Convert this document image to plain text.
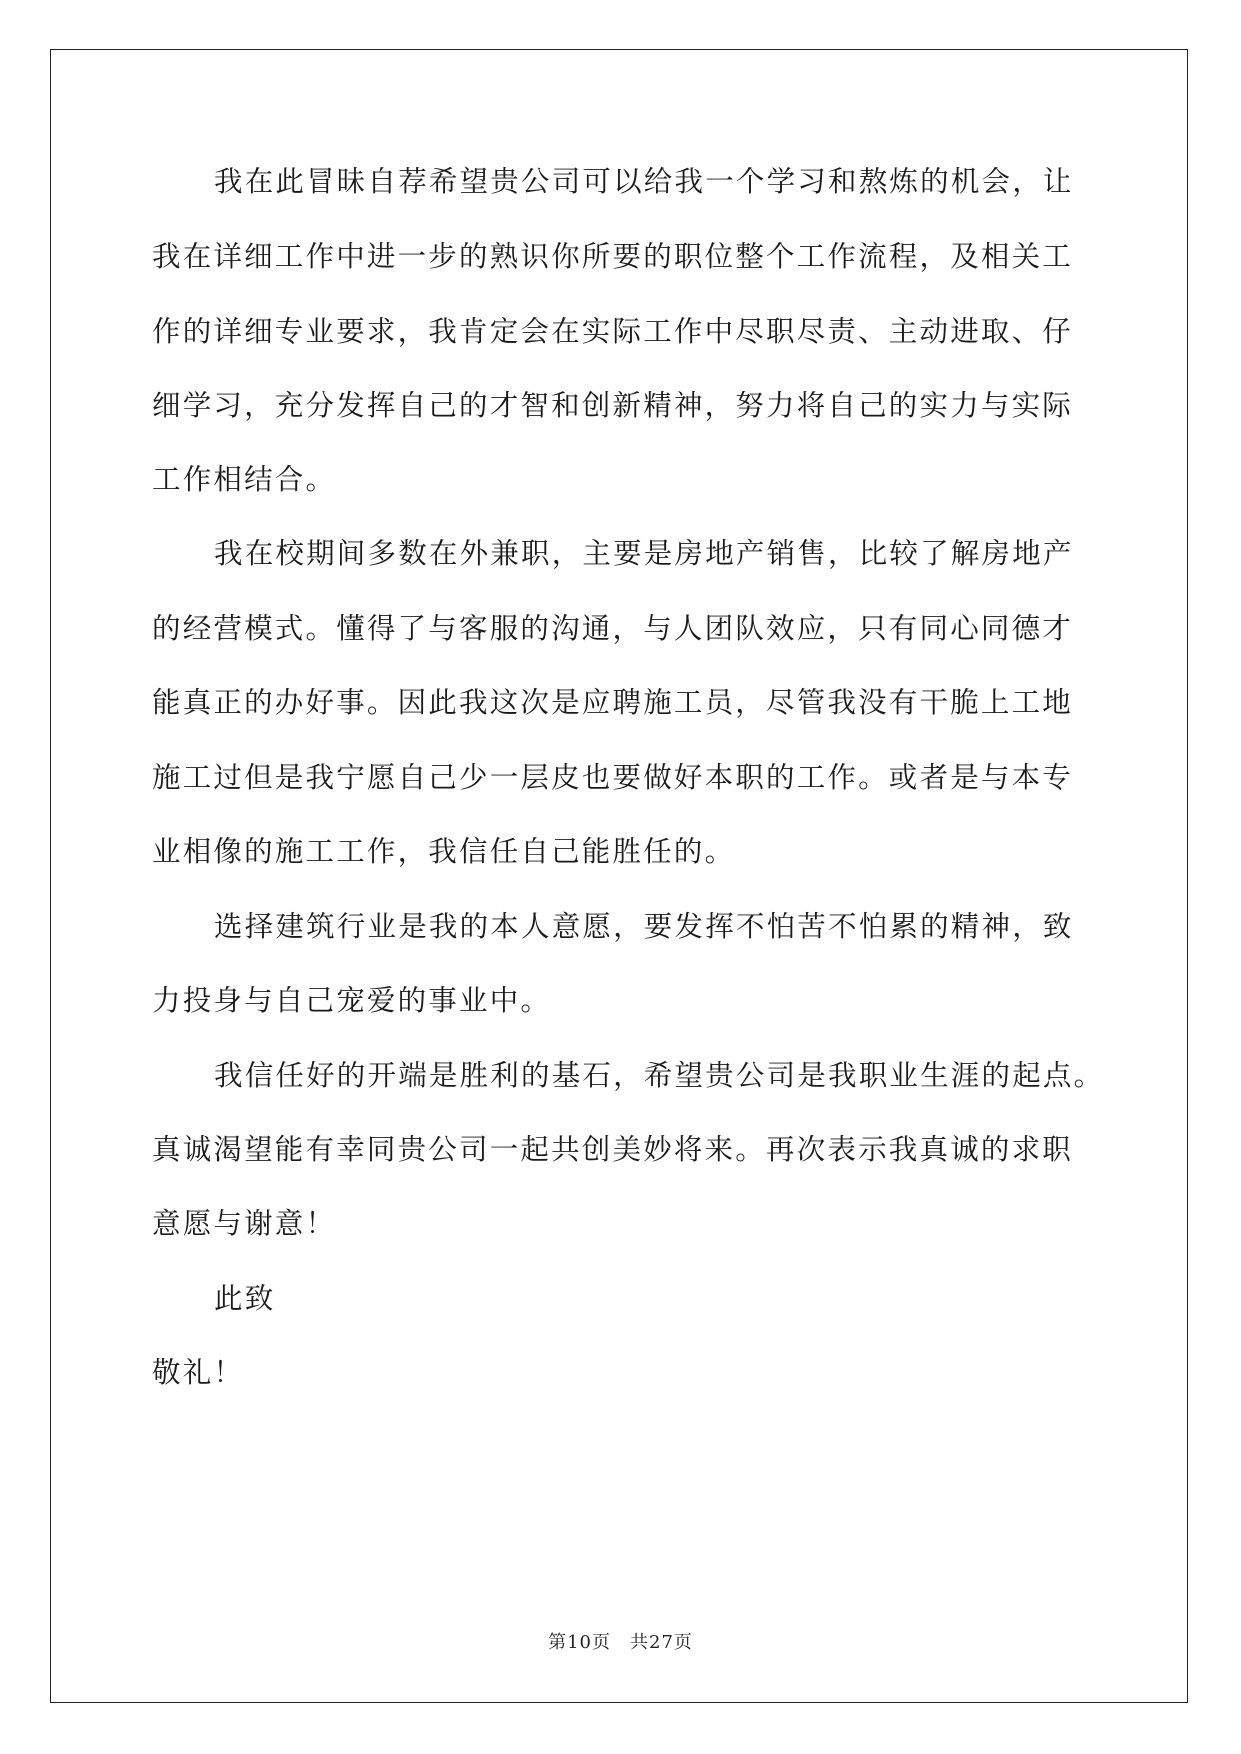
我在此冒昧自荐希望贵公司可以给我一个学习和熬炼的机会，让
我在详细工作中进一步的熟识你所要的职位整个工作流程，及相关工
作的详细专业要求，我肯定会在实际工作中尽职尽责、主动进取、仔
细学习，充分发挥自己的才智和创新精神，努力将自己的实力与实际
工作相结合。
我在校期间多数在外兼职，主要是房地产销售，比较了解房地产
的经营模式。懂得了与客服的沟通，与人团队效应，只有同心同德才
能真正的办好事。因此我这次是应聘施工员，尽管我没有干脆上工地
施工过但是我宁愿自己少一层皮也要做好本职的工作。或者是与本专
业相像的施工工作，我信任自己能胜任的。
选择建筑行业是我的本人意愿，要发挥不怕苦不怕累的精神，致
力投身与自己宠爱的事业中。
我信任好的开端是胜利的基石，希望贵公司是我职业生涯的起点。
真诚渴望能有幸同贵公司一起共创美妙将来。再次表示我真诚的求职
意愿与谢意！
此致
敬礼！
第10页　共27页
